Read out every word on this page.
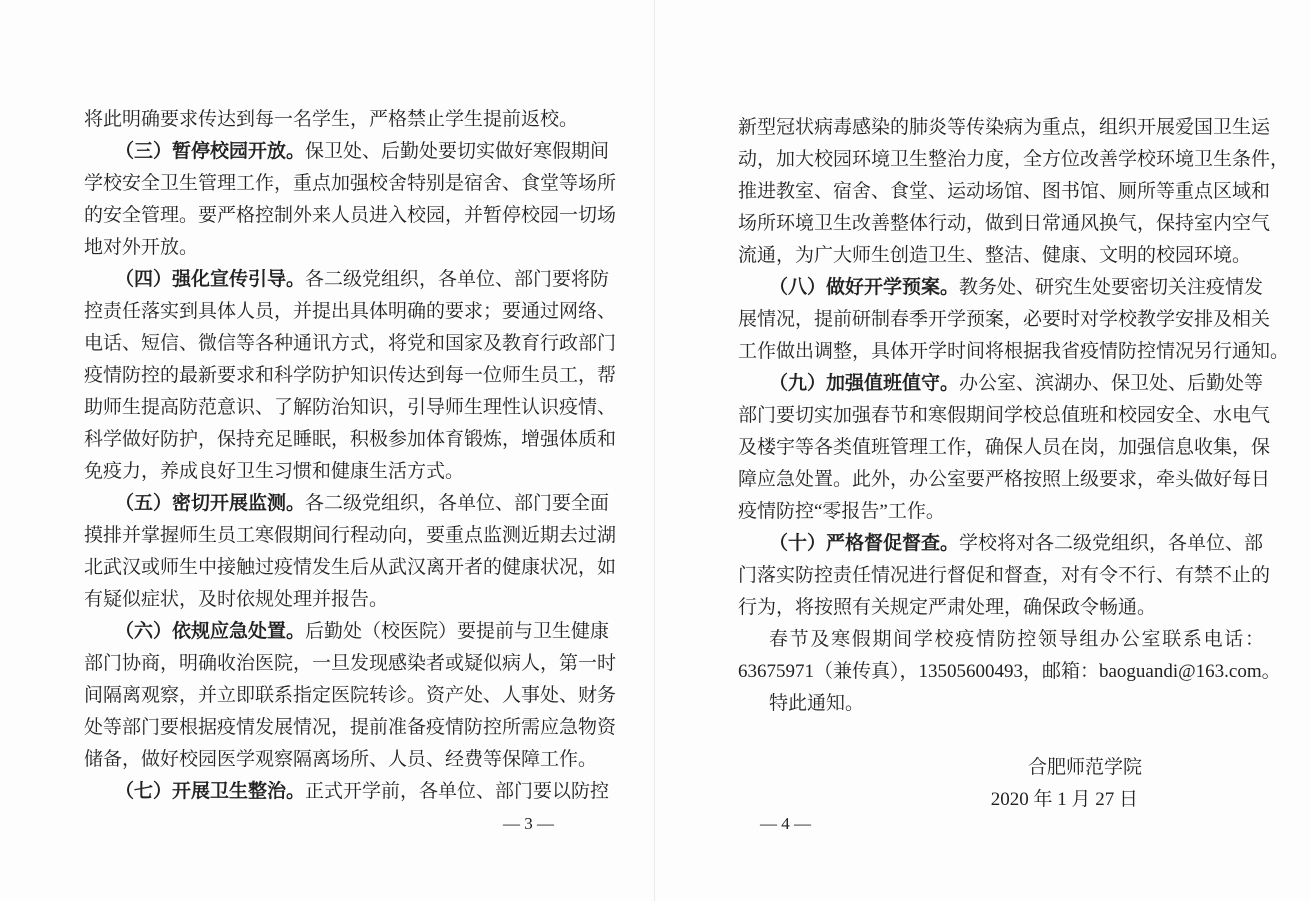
将此明确要求传达到每一名学生，严格禁止学生提前返校。
（三）暂停校园开放。保卫处、后勤处要切实做好寒假期间
学校安全卫生管理工作，重点加强校舍特别是宿舍、食堂等场所
的安全管理。要严格控制外来人员进入校园，并暂停校园一切场
地对外开放。
（四）强化宣传引导。各二级党组织，各单位、部门要将防
控责任落实到具体人员，并提出具体明确的要求；要通过网络、
电话、短信、微信等各种通讯方式，将党和国家及教育行政部门
疫情防控的最新要求和科学防护知识传达到每一位师生员工，帮
助师生提高防范意识、了解防治知识，引导师生理性认识疫情、
科学做好防护，保持充足睡眠，积极参加体育锻炼，增强体质和
免疫力，养成良好卫生习惯和健康生活方式。
（五）密切开展监测。各二级党组织，各单位、部门要全面
摸排并掌握师生员工寒假期间行程动向，要重点监测近期去过湖
北武汉或师生中接触过疫情发生后从武汉离开者的健康状况，如
有疑似症状，及时依规处理并报告。
（六）依规应急处置。后勤处（校医院）要提前与卫生健康
部门协商，明确收治医院，一旦发现感染者或疑似病人，第一时
间隔离观察，并立即联系指定医院转诊。资产处、人事处、财务
处等部门要根据疫情发展情况，提前准备疫情防控所需应急物资
储备，做好校园医学观察隔离场所、人员、经费等保障工作。
（七）开展卫生整治。正式开学前，各单位、部门要以防控
新型冠状病毒感染的肺炎等传染病为重点，组织开展爱国卫生运
动，加大校园环境卫生整治力度，全方位改善学校环境卫生条件，
推进教室、宿舍、食堂、运动场馆、图书馆、厕所等重点区域和
场所环境卫生改善整体行动，做到日常通风换气，保持室内空气
流通，为广大师生创造卫生、整洁、健康、文明的校园环境。
（八）做好开学预案。教务处、研究生处要密切关注疫情发
展情况，提前研制春季开学预案，必要时对学校教学安排及相关
工作做出调整，具体开学时间将根据我省疫情防控情况另行通知。
（九）加强值班值守。办公室、滨湖办、保卫处、后勤处等
部门要切实加强春节和寒假期间学校总值班和校园安全、水电气
及楼宇等各类值班管理工作，确保人员在岗，加强信息收集，保
障应急处置。此外，办公室要严格按照上级要求，牵头做好每日
疫情防控“零报告”工作。
（十）严格督促督查。学校将对各二级党组织，各单位、部
门落实防控责任情况进行督促和督查，对有令不行、有禁不止的
行为，将按照有关规定严肃处理，确保政令畅通。
春节及寒假期间学校疫情防控领导组办公室联系电话：
63675971（兼传真），13505600493，邮箱：baoguandi@163.com。
特此通知。
合肥师范学院
2020 年 1 月 27 日
— 3 —	— 4 —
